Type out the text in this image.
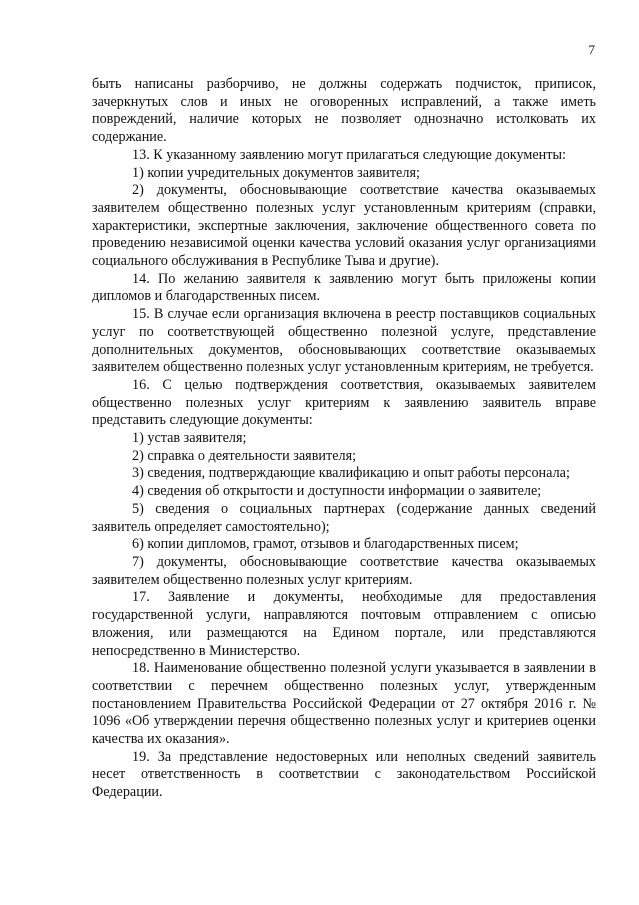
7

быть написаны разборчиво, не должны содержать подчисток, приписок, зачеркнутых слов и иных не оговоренных исправлений, а также иметь повреждений, наличие которых не позволяет однозначно истолковать их содержание.

13. К указанному заявлению могут прилагаться следующие документы:

1) копии учредительных документов заявителя;

2) документы, обосновывающие соответствие качества оказываемых заявителем общественно полезных услуг установленным критериям (справки, характеристики, экспертные заключения, заключение общественного совета по проведению независимой оценки качества условий оказания услуг организациями социального обслуживания в Республике Тыва и другие).

14. По желанию заявителя к заявлению могут быть приложены копии дипломов и благодарственных писем.

15. В случае если организация включена в реестр поставщиков социальных услуг по соответствующей общественно полезной услуге, представление дополнительных документов, обосновывающих соответствие оказываемых заявителем общественно полезных услуг установленным критериям, не требуется.

16. С целью подтверждения соответствия, оказываемых заявителем общественно полезных услуг критериям к заявлению заявитель вправе представить следующие документы:

1) устав заявителя;

2) справка о деятельности заявителя;

3) сведения, подтверждающие квалификацию и опыт работы персонала;

4) сведения об открытости и доступности информации о заявителе;

5) сведения о социальных партнерах (содержание данных сведений заявитель определяет самостоятельно);

6) копии дипломов, грамот, отзывов и благодарственных писем;

7) документы, обосновывающие соответствие качества оказываемых заявителем общественно полезных услуг критериям.

17. Заявление и документы, необходимые для предоставления государственной услуги, направляются почтовым отправлением с описью вложения, или размещаются на Едином портале, или представляются непосредственно в Министерство.

18. Наименование общественно полезной услуги указывается в заявлении в соответствии с перечнем общественно полезных услуг, утвержденным постановлением Правительства Российской Федерации от 27 октября 2016 г. № 1096 «Об утверждении перечня общественно полезных услуг и критериев оценки качества их оказания».

19. За представление недостоверных или неполных сведений заявитель несет ответственность в соответствии с законодательством Российской Федерации.
